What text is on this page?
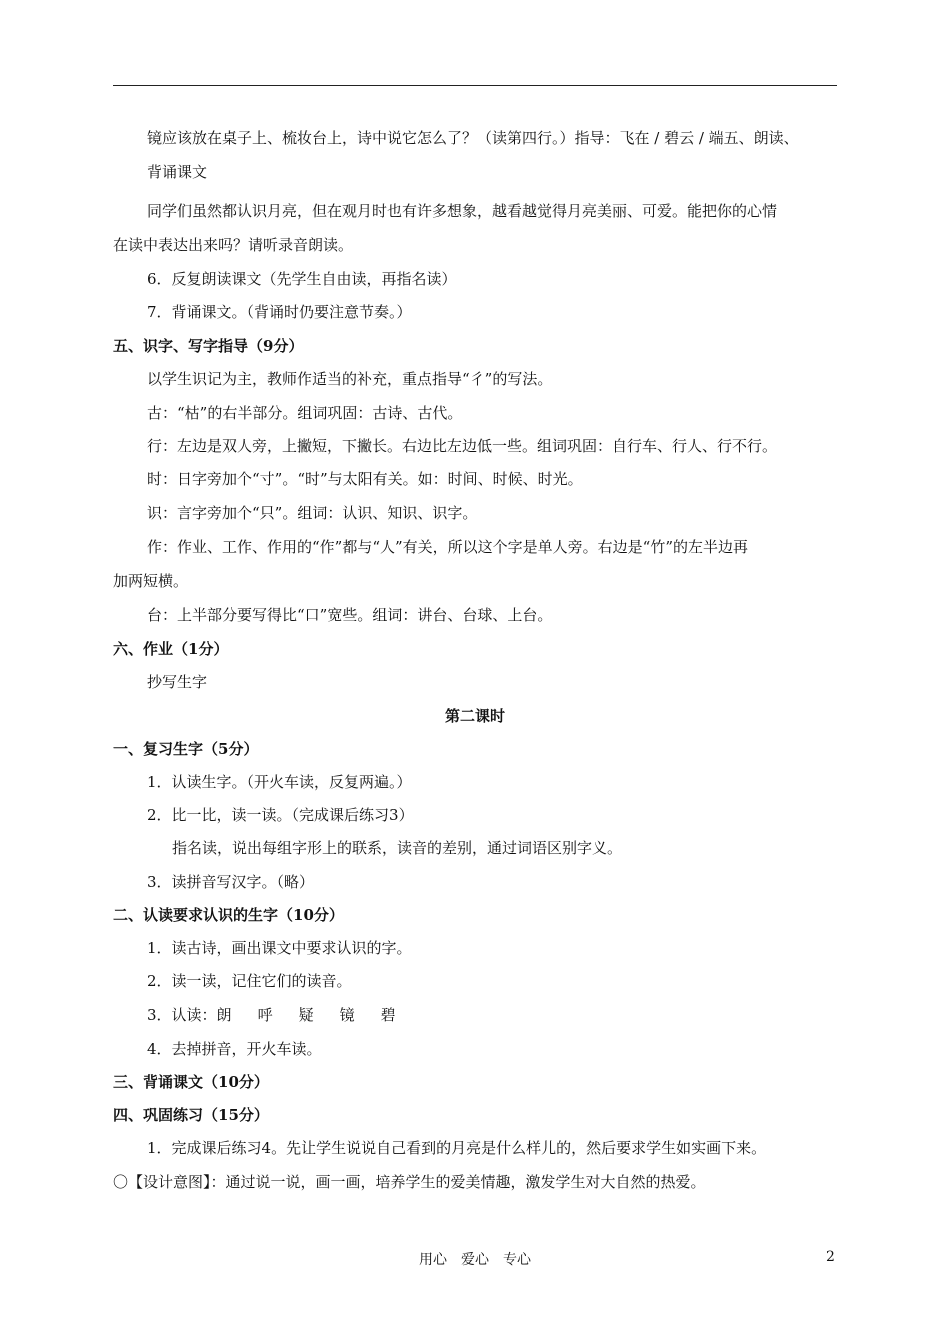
镜应该放在桌子上、梳妆台上，诗中说它怎么了？（读第四行。）指导：飞在 / 碧云 / 端五、朗读、
背诵课文
同学们虽然都认识月亮，但在观月时也有许多想象，越看越觉得月亮美丽、可爱。能把你的心情
在读中表达出来吗？请听录音朗读。
6．反复朗读课文（先学生自由读，再指名读）
7．背诵课文。（背诵时仍要注意节奏。）
五、识字、写字指导（9分）
以学生识记为主，教师作适当的补充，重点指导“彳”的写法。
古：“枯”的右半部分。组词巩固：古诗、古代。
行：左边是双人旁，上撇短，下撇长。右边比左边低一些。组词巩固：自行车、行人、行不行。
时：日字旁加个“寸”。“时”与太阳有关。如：时间、时候、时光。
识：言字旁加个“只”。组词：认识、知识、识字。
作：作业、工作、作用的“作”都与“人”有关，所以这个字是单人旁。右边是“竹”的左半边再
加两短横。
台：上半部分要写得比“口”宽些。组词：讲台、台球、上台。
六、作业（1分）
抄写生字
第二课时
一、复习生字（5分）
1．认读生字。（开火车读，反复两遍。）
2．比一比，读一读。（完成课后练习3）
指名读，说出每组字形上的联系，读音的差别，通过词语区别字义。
3．读拼音写汉字。（略）
二、认读要求认识的生字（10分）
1．读古诗，画出课文中要求认识的字。
2．读一读，记住它们的读音。
3．认读：朗 呼 疑 镜 碧
4．去掉拼音，开火车读。
三、背诵课文（10分）
四、巩固练习（15分）
1．完成课后练习4。先让学生说说自己看到的月亮是什么样儿的，然后要求学生如实画下来。
〇【设计意图】：通过说一说，画一画，培养学生的爱美情趣，激发学生对大自然的热爱。
用心　爱心　专心	2
